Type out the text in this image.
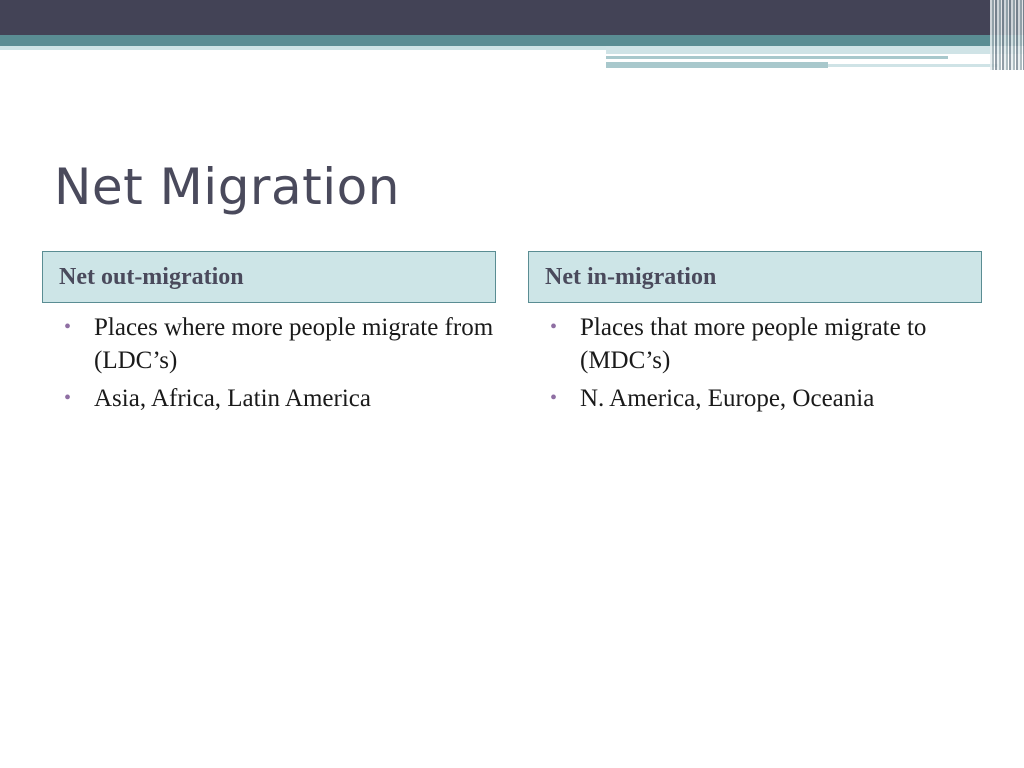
Net Migration
Net out-migration
• Places where more people migrate from (LDC’s)
• Asia, Africa, Latin America
Net in-migration
• Places that more people migrate to (MDC’s)
• N. America, Europe, Oceania
